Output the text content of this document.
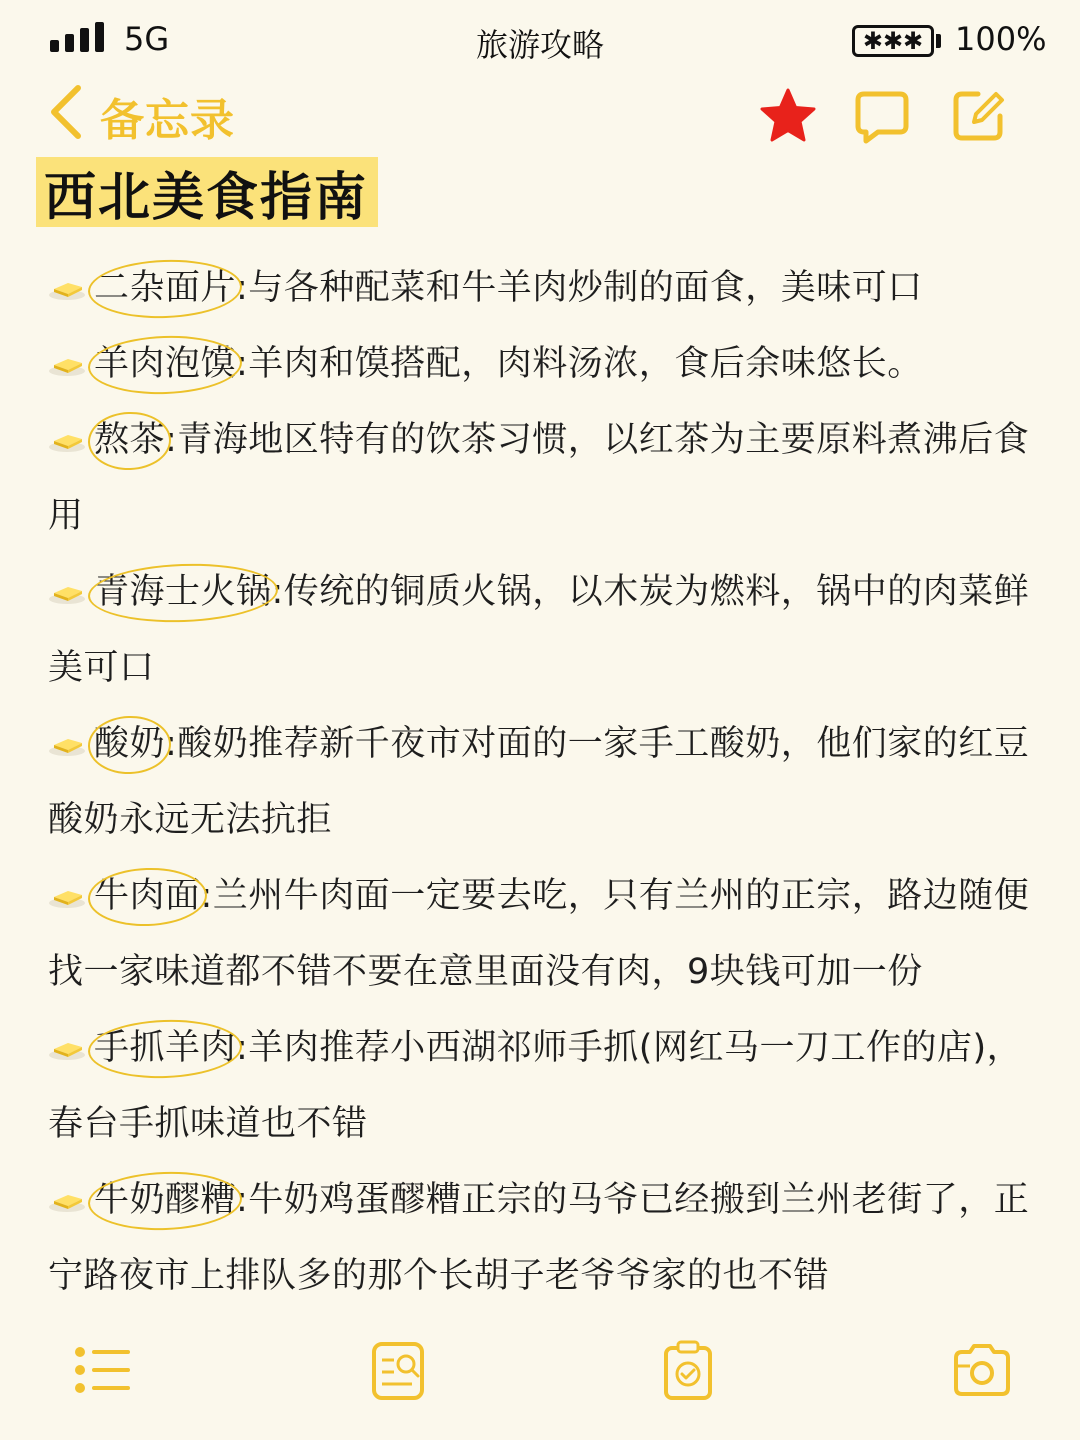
5G	旅游攻略	✱✱✱ 100%
备忘录
西北美食指南

二杂面片
:与各种配菜和牛羊肉炒制的面食，美味可口

羊肉泡馍
:羊肉和馍搭配，肉料汤浓，食后余味悠长。

熬茶
:青海地区特有的饮茶习惯，以红茶为主要原料煮沸后食用

青海士火锅
:传统的铜质火锅，以木炭为燃料，锅中的肉菜鲜美可口

酸奶
:酸奶推荐新千夜市对面的一家手工酸奶，他们家的红豆酸奶永远无法抗拒

牛肉面
:兰州牛肉面一定要去吃，只有兰州的正宗，路边随便找一家味道都不错不要在意里面没有肉，9块钱可加一份

手抓羊肉
:羊肉推荐小西湖祁师手抓(网红马一刀工作的店)，春台手抓味道也不错

牛奶醪糟
:牛奶鸡蛋醪糟正宗的马爷已经搬到兰州老街了，正宁路夜市上排队多的那个长胡子老爷爷家的也不错
